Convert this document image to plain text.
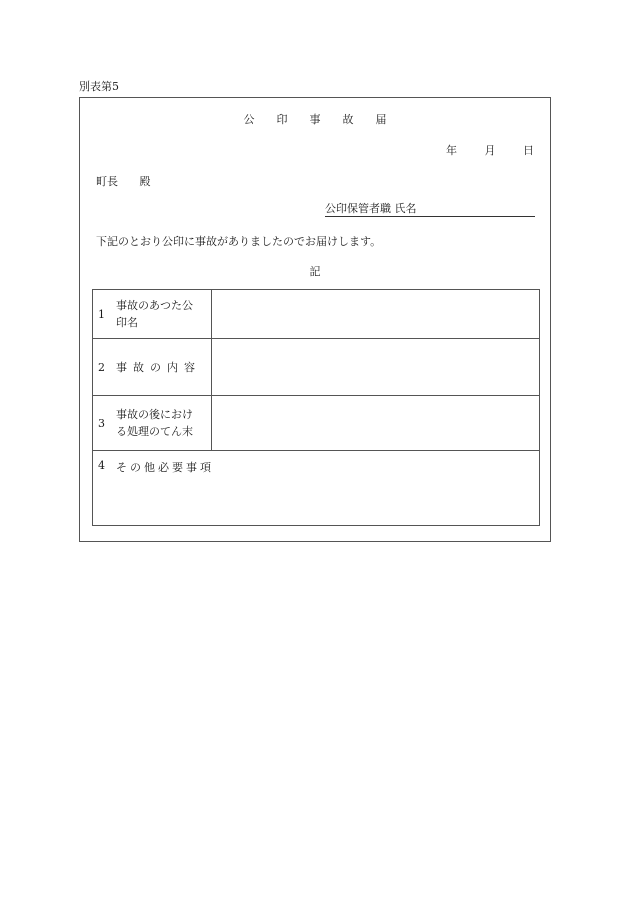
別表第5
公印事故届
年 月 日
町長 殿
公印保管者職 氏名
下記のとおり公印に事故がありましたのでお届けします。
記
1
事故のあつた公
印名	

2 事故の内容	

3
事故の後におけ
る処理のてん末	

4 その他必要事項	
